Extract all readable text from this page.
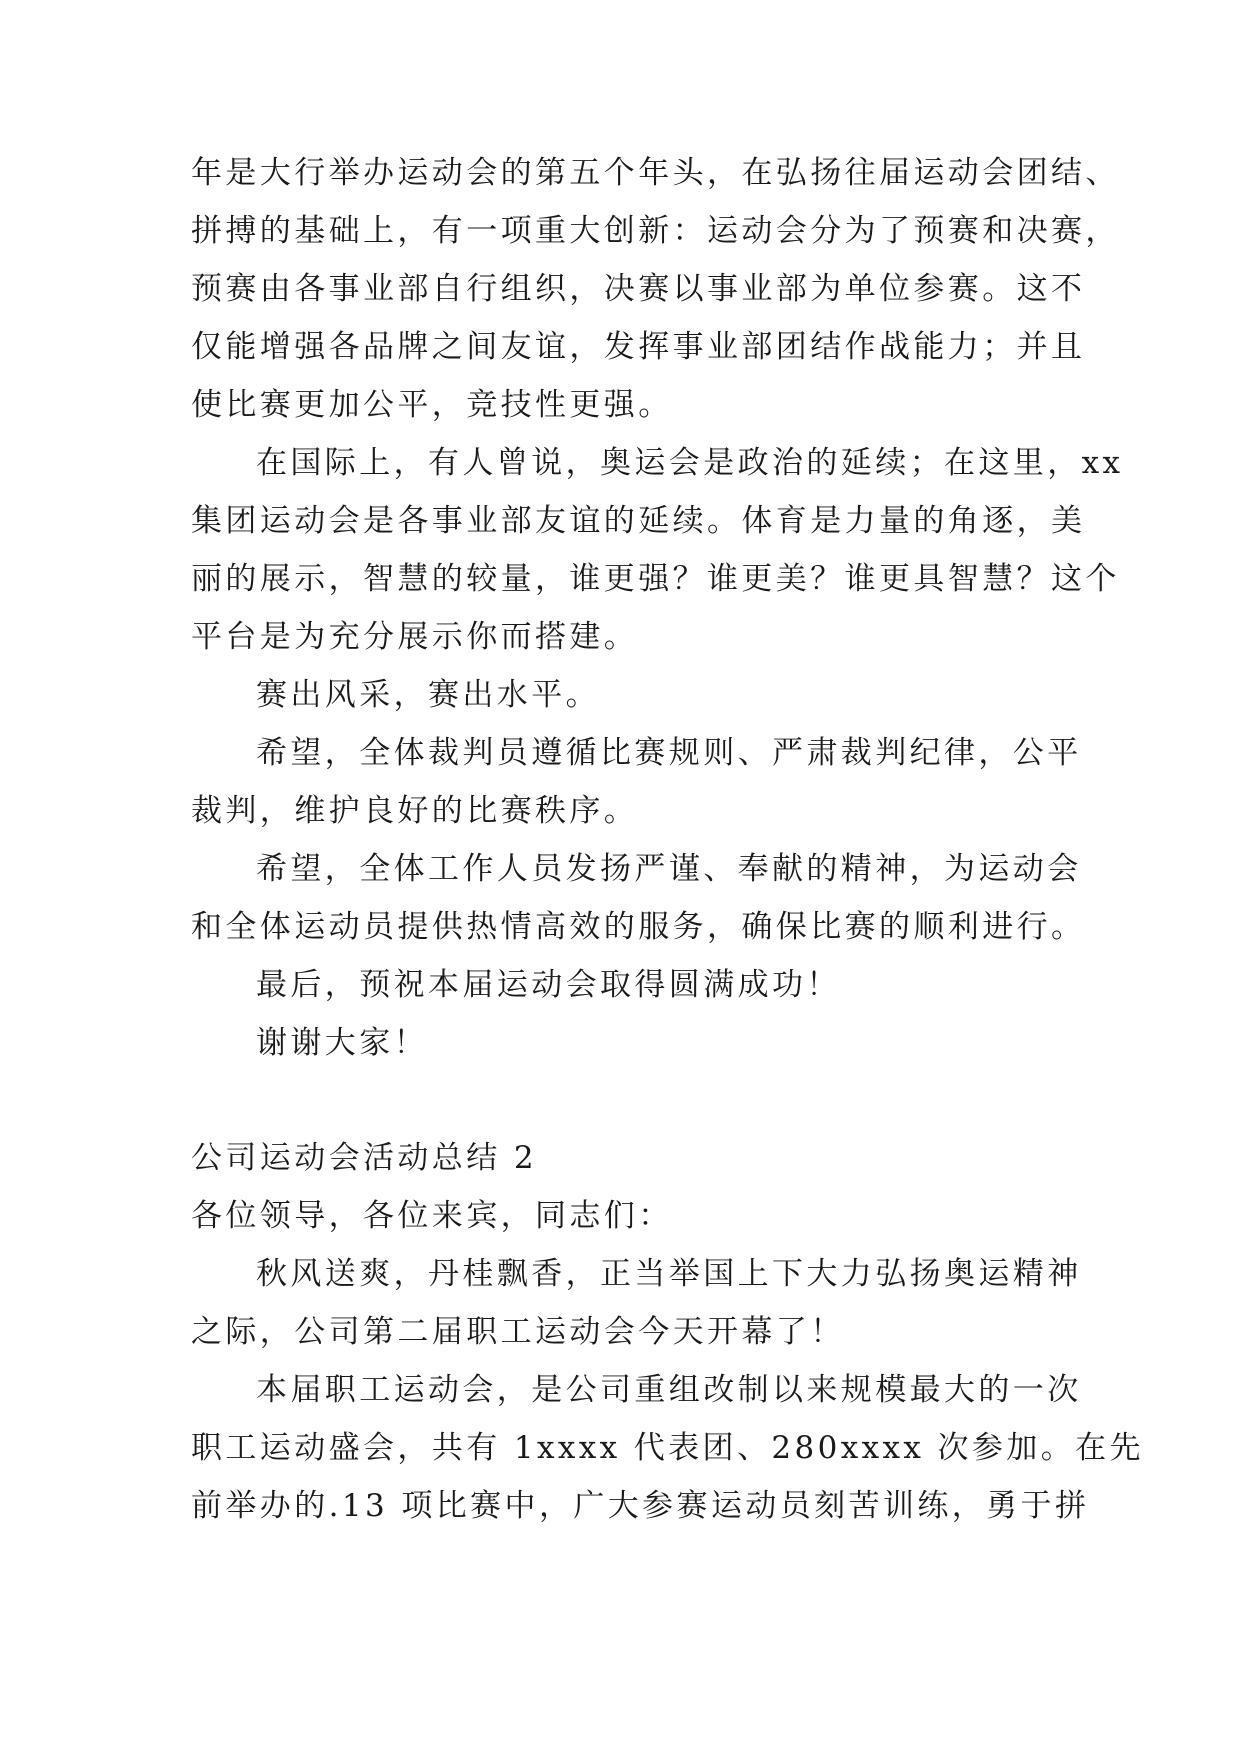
年是大行举办运动会的第五个年头，在弘扬往届运动会团结、
拼搏的基础上，有一项重大创新：运动会分为了预赛和决赛，
预赛由各事业部自行组织，决赛以事业部为单位参赛。这不
仅能增强各品牌之间友谊，发挥事业部团结作战能力；并且
使比赛更加公平，竞技性更强。
在国际上，有人曾说，奥运会是政治的延续；在这里，xx
集团运动会是各事业部友谊的延续。体育是力量的角逐，美
丽的展示，智慧的较量，谁更强？谁更美？谁更具智慧？这个
平台是为充分展示你而搭建。
赛出风采，赛出水平。
希望，全体裁判员遵循比赛规则、严肃裁判纪律，公平
裁判，维护良好的比赛秩序。
希望，全体工作人员发扬严谨、奉献的精神，为运动会
和全体运动员提供热情高效的服务，确保比赛的顺利进行。
最后，预祝本届运动会取得圆满成功！
谢谢大家！
公司运动会活动总结 2
各位领导，各位来宾，同志们：
秋风送爽，丹桂飘香，正当举国上下大力弘扬奥运精神
之际，公司第二届职工运动会今天开幕了！
本届职工运动会，是公司重组改制以来规模最大的一次
职工运动盛会，共有 1xxxx 代表团、280xxxx 次参加。在先
前举办的.13 项比赛中，广大参赛运动员刻苦训练，勇于拼
